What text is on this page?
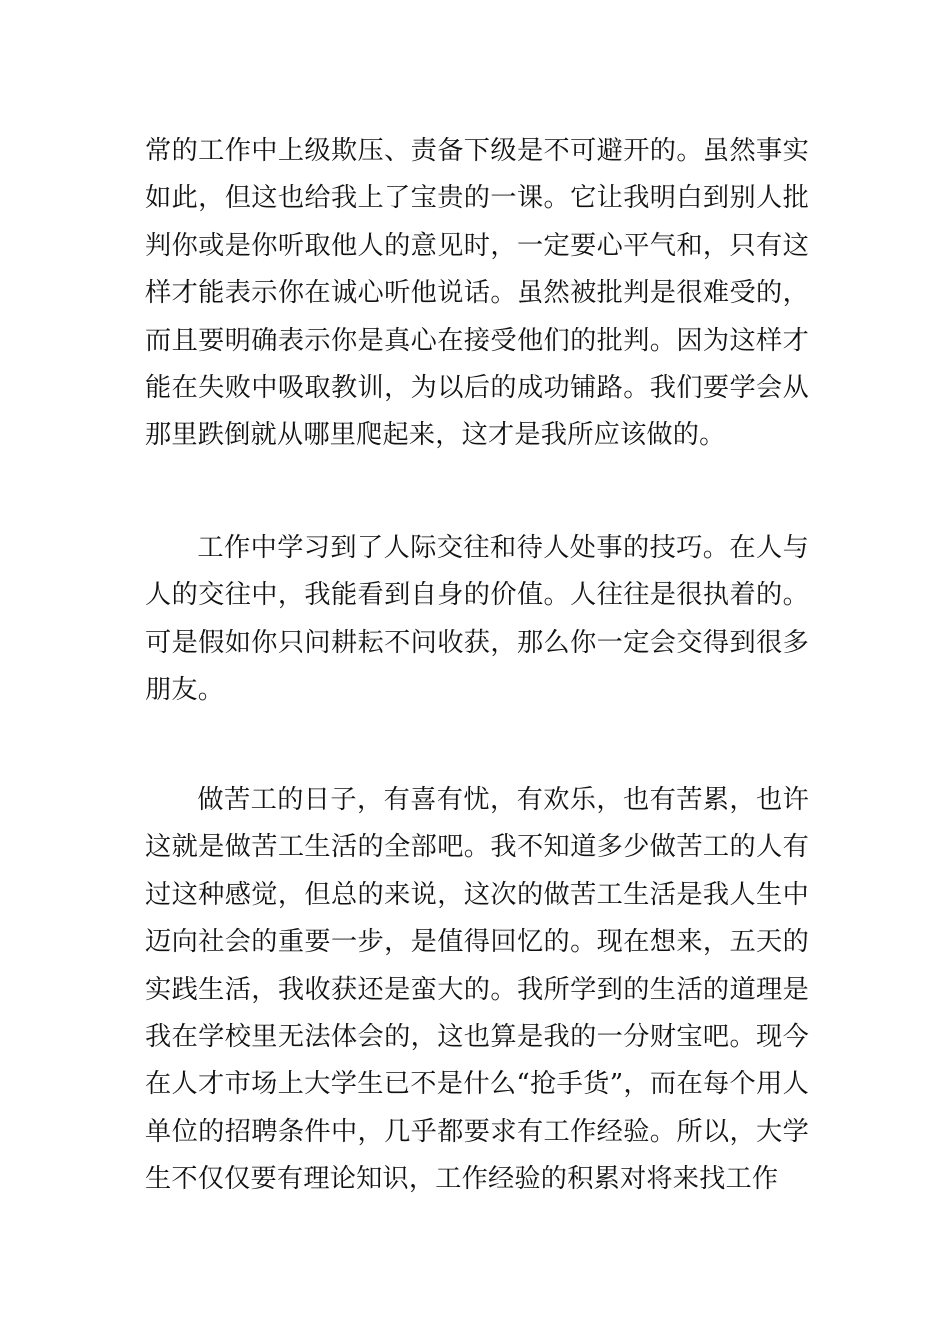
常的工作中上级欺压、责备下级是不可避开的。虽然事实如此，但这也给我上了宝贵的一课。它让我明白到别人批判你或是你听取他人的意见时，一定要心平气和，只有这样才能表示你在诚心听他说话。虽然被批判是很难受的，而且要明确表示你是真心在接受他们的批判。因为这样才能在失败中吸取教训，为以后的成功铺路。我们要学会从那里跌倒就从哪里爬起来，这才是我所应该做的。

工作中学习到了人际交往和待人处事的技巧。在人与人的交往中，我能看到自身的价值。人往往是很执着的。可是假如你只问耕耘不问收获，那么你一定会交得到很多朋友。

做苦工的日子，有喜有忧，有欢乐，也有苦累，也许这就是做苦工生活的全部吧。我不知道多少做苦工的人有过这种感觉，但总的来说，这次的做苦工生活是我人生中迈向社会的重要一步，是值得回忆的。现在想来，五天的实践生活，我收获还是蛮大的。我所学到的生活的道理是我在学校里无法体会的，这也算是我的一分财宝吧。现今在人才市场上大学生已不是什么“抢手货”，而在每个用人单位的招聘条件中，几乎都要求有工作经验。所以，大学生不仅仅要有理论知识，工作经验的积累对将来找工作
